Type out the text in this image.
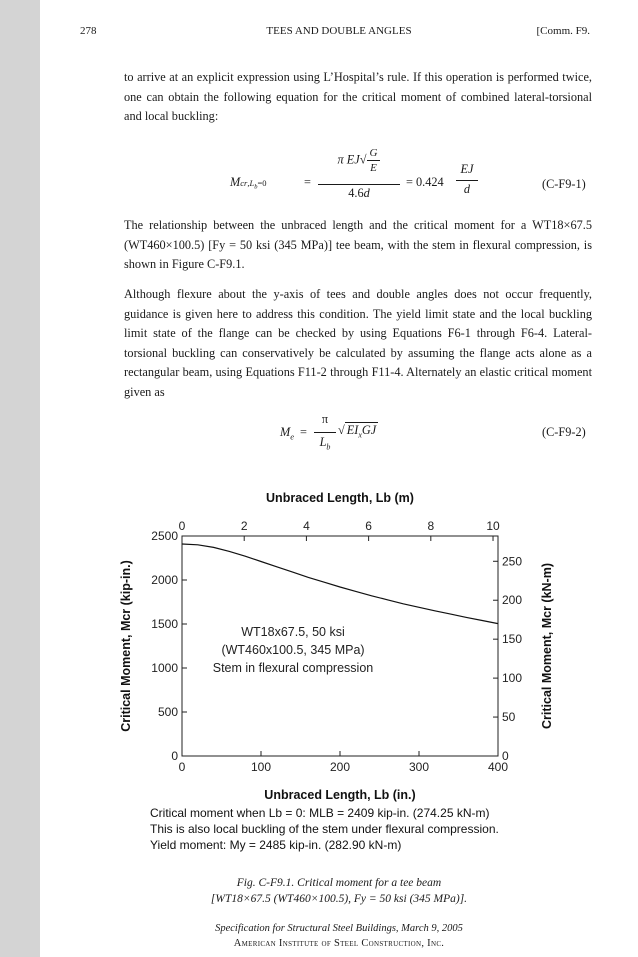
278	TEES AND DOUBLE ANGLES	[Comm. F9.

to arrive at an explicit expression using L’Hospital’s rule. If this operation is performed twice, one can obtain the following equation for the critical moment of combined lateral-torsional and local buckling:

$Mcr,L_b=0$	=
π $EJ√ \frac{G}{E}$
4.6d
= 0.424
EJ
d	(C-F9-1)

The relationship between the unbraced length and the critical moment for a WT18×67.5 (WT460×100.5) [Fy = 50 ksi (345 MPa)] tee beam, with the stem in flexural compression, is shown in Figure C-F9.1.

Although flexure about the y-axis of tees and double angles does not occur frequently, guidance is given here to address this condition. The yield limit state and the local buckling limit state of the flange can be checked by using Equations F6-1 through F6-4. Lateral-torsional buckling can conservatively be calculated by assuming the flange acts alone as a rectangular beam, using Equations F11-2 through F11-4. Alternately an elastic critical moment given as

$M_e$ =
π
$L_b$
√ $EI_xGJ$	(C-F9-2)
0	100	200	300	400
0	2	4	6	8	10
0
500
1000
1500
2000
2500
0
50
100
150
200
250
WT18x67.5, 50 ksi
(WT460x100.5, 345 MPa)
Stem in flexural compression
Unbraced Length, Lb (m)
Unbraced Length, Lb (in.)
Critical Moment, Mcr (kip-in.)	Critical Moment, Mcr (kN-m)
Critical moment when Lb = 0: MLB = 2409 kip-in. (274.25 kN-m)
This is also local buckling of the stem under flexural compression.
Yield moment: My = 2485 kip-in. (282.90 kN-m)
Fig. C-F9.1. Critical moment for a tee beam
[WT18×67.5 (WT460×100.5), Fy = 50 ksi (345 MPa)].
Specification for Structural Steel Buildings, March 9, 2005
American Institute of Steel Construction, Inc.
